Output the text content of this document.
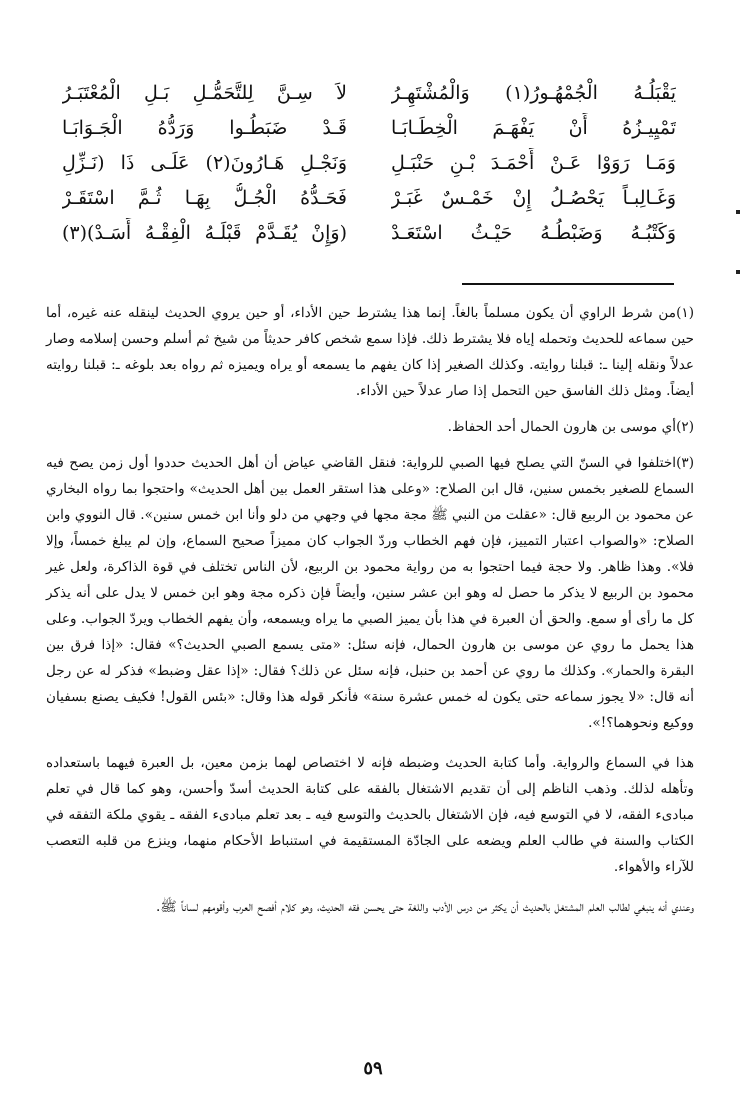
يَقْبَلُـهُ الْجُمْهُـورُ(١) وَالْمُشْتَهِـرُ
لاَ سِـنَّ لِلتَّحَمُّـلِ بَـلِ الْمُعْتَبَـرُ
تَمْيِيـزُهُ أَنْ يَفْهَـمَ الْخِطَـابَـا
قَـدْ ضَبَطُـوا وَرَدُّهُ الْجَـوَابَـا
وَمَـا رَوَوْا عَـنْ أَحْمَـدَ بْـنِ حَنْبَـلِ
وَنَجْـلِ هَـارُونَ(٢) عَلَـى ذَا (نَـزِّلِ
وَغَـالِبـاً يَحْصُـلُ إِنْ خَمْـسٌ غَبَـرْ
فَحَـدُّهُ الْجُـلُّ بِهَـا ثُـمَّ اسْتَقَـرْ
وَكَتْبُـهُ وَضَبْطُـهُ حَيْـثُ اسْتَعَـدْ
(وَإِنْ يُقَـدَّمْ قَبْلَـهُ الْفِقْـهُ أَسَـدْ)(٣)

(١)من شرط الراوي أن يكون مسلماً بالغاً. إنما هذا يشترط حين الأداء، أو حين يروي الحديث لينقله عنه غيره، أما حين سماعه للحديث وتحمله إياه فلا يشترط ذلك. فإذا سمع شخص كافر حديثاً من شيخ ثم أسلم وحسن إسلامه وصار عدلاً ونقله إلينا ـ: قبلنا روايته. وكذلك الصغير إذا كان يفهم ما يسمعه أو يراه ويميزه ثم رواه بعد بلوغه ـ: قبلنا روايته أيضاً. ومثل ذلك الفاسق حين التحمل إذا صار عدلاً حين الأداء.

(٢)أي موسى بن هارون الحمال أحد الحفاظ.

(٣)اختلفوا في السنّ التي يصلح فيها الصبي للرواية: فنقل القاضي عياض أن أهل الحديث حددوا أول زمن يصح فيه السماع للصغير بخمس سنين، قال ابن الصلاح: «وعلى هذا استقر العمل بين أهل الحديث» واحتجوا بما رواه البخاري عن محمود بن الربيع قال: «عقلت من النبي ﷺ مجة مجها في وجهي من دلو وأنا ابن خمس سنين». قال النووي وابن الصلاح: «والصواب اعتبار التمييز، فإن فهم الخطاب وردّ الجواب كان مميزاً صحيح السماع، وإن لم يبلغ خمساً، وإلا فلا». وهذا ظاهر. ولا حجة فيما احتجوا به من رواية محمود بن الربيع، لأن الناس تختلف في قوة الذاكرة، ولعل غير محمود بن الربيع لا يذكر ما حصل له وهو ابن عشر سنين، وأيضاً فإن ذكره مجة وهو ابن خمس لا يدل على أنه يذكر كل ما رأى أو سمع. والحق أن العبرة في هذا بأن يميز الصبي ما يراه ويسمعه، وأن يفهم الخطاب ويردّ الجواب. وعلى هذا يحمل ما روي عن موسى بن هارون الحمال، فإنه سئل: «متى يسمع الصبي الحديث؟» فقال: «إذا فرق بين البقرة والحمار». وكذلك ما روي عن أحمد بن حنبل، فإنه سئل عن ذلك؟ فقال: «إذا عقل وضبط» فذكر له عن رجل أنه قال: «لا يجوز سماعه حتى يكون له خمس عشرة سنة» فأنكر قوله هذا وقال: «بئس القول! فكيف يصنع بسفيان ووكيع ونحوهما؟!».

هذا في السماع والرواية. وأما كتابة الحديث وضبطه فإنه لا اختصاص لهما بزمن معين، بل العبرة فيهما باستعداده وتأهله لذلك. وذهب الناظم إلى أن تقديم الاشتغال بالفقه على كتابة الحديث أسدّ وأحسن، وهو كما قال في تعلم مبادىء الفقه، لا في التوسع فيه، فإن الاشتغال بالحديث والتوسع فيه ـ بعد تعلم مبادىء الفقه ـ يقوي ملكة التفقه في الكتاب والسنة في طالب العلم ويضعه على الجادّة المستقيمة في استنباط الأحكام منهما، وينزع من قلبه التعصب للآراء والأهواء.

وعندي أنه ينبغي لطالب العلم المشتغل بالحديث أن يكثر من درس الأدب واللغة حتى يحسن فقه الحديث، وهو كلام أفصح العرب وأقومهم لساناً ﷺ.

٥٩
